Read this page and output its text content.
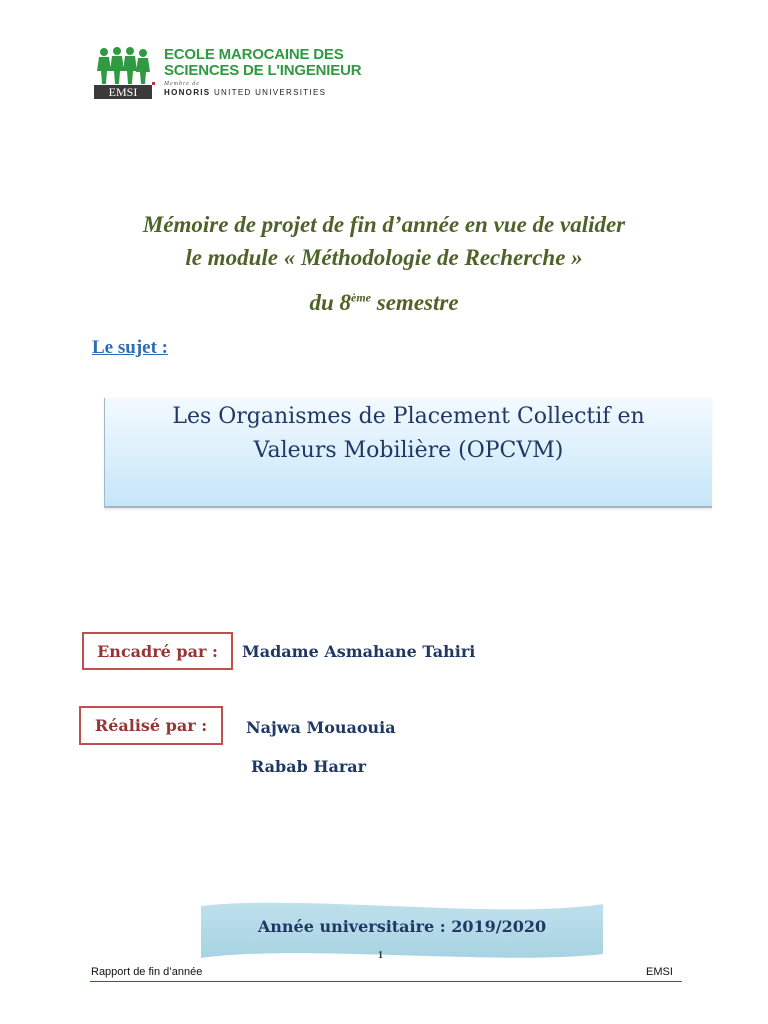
EMSI
ECOLE MAROCAINE DES
SCIENCES DE L'INGENIEUR
Membre de
HONORIS UNITED UNIVERSITIES
Mémoire de projet de fin d’année en vue de valider
le module « Méthodologie de Recherche »
du 8ème semestre
Le sujet :
Les Organismes de Placement Collectif en
Valeurs Mobilière (OPCVM)
Encadré par :	Madame Asmahane Tahiri
Réalisé par :	Najwa Mouaouia
Rabab Harar
Année universitaire : 2019/2020
1
Rapport de fin d’année	EMSI
